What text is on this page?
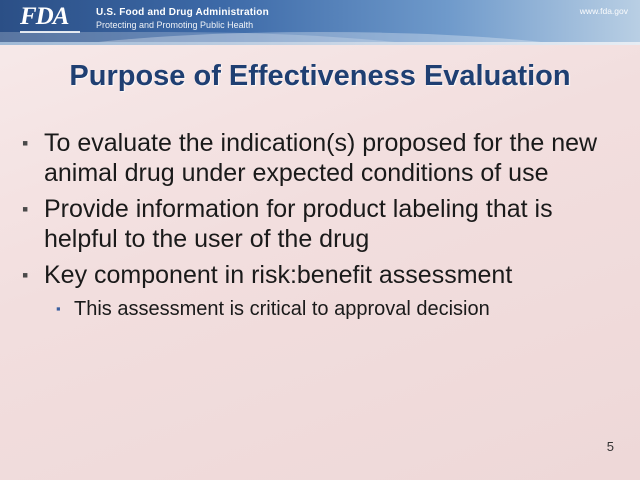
FDA	U.S. Food and Drug Administration
Protecting and Promoting Public Health
www.fda.gov
Purpose of Effectiveness Evaluation
▪ To evaluate the indication(s) proposed for the new animal drug under expected conditions of use
▪ Provide information for product labeling that is helpful to the user of the drug
▪ Key component in risk:benefit assessment
▪ This assessment is critical to approval decision
5
